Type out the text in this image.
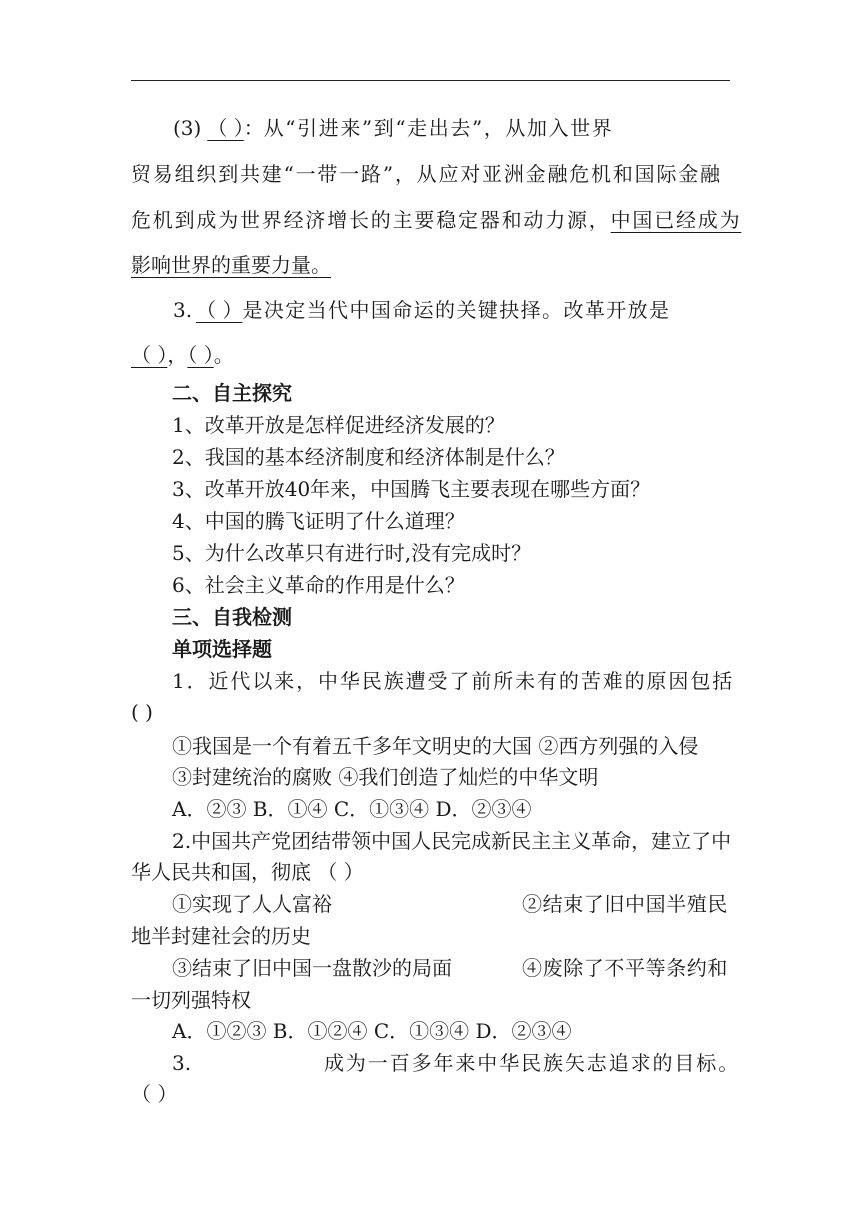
(3) （ ）：从“引进来”到“走出去”，从加入世界
贸易组织到共建“一带一路”，从应对亚洲金融危机和国际金融
危机到成为世界经济增长的主要稳定器和动力源，中国已经成为
影响世界的重要力量。
3. （ ）是决定当代中国命运的关键抉择。改革开放是
（ ），（ ）。
二、自主探究
1、改革开放是怎样促进经济发展的？
2、我国的基本经济制度和经济体制是什么？
3、改革开放40年来，中国腾飞主要表现在哪些方面？
4、中国的腾飞证明了什么道理？
5、为什么改革只有进行时,没有完成时？
6、社会主义革命的作用是什么？
三、自我检测
单项选择题
1．近代以来，中华民族遭受了前所未有的苦难的原因包括
( )
①我国是一个有着五千多年文明史的大国 ②西方列强的入侵
③封建统治的腐败 ④我们创造了灿烂的中华文明
A．②③ B．①④ C．①③④ D．②③④
2.中国共产党团结带领中国人民完成新民主主义革命，建立了中
华人民共和国，彻底 （ ）
①实现了人人富裕	②结束了旧中国半殖民
地半封建社会的历史
③结束了旧中国一盘散沙的局面	④废除了不平等条约和
一切列强特权
A．①②③ B．①②④ C．①③④ D．②③④
3.	成为一百多年来中华民族矢志追求的目标。
（ ）
